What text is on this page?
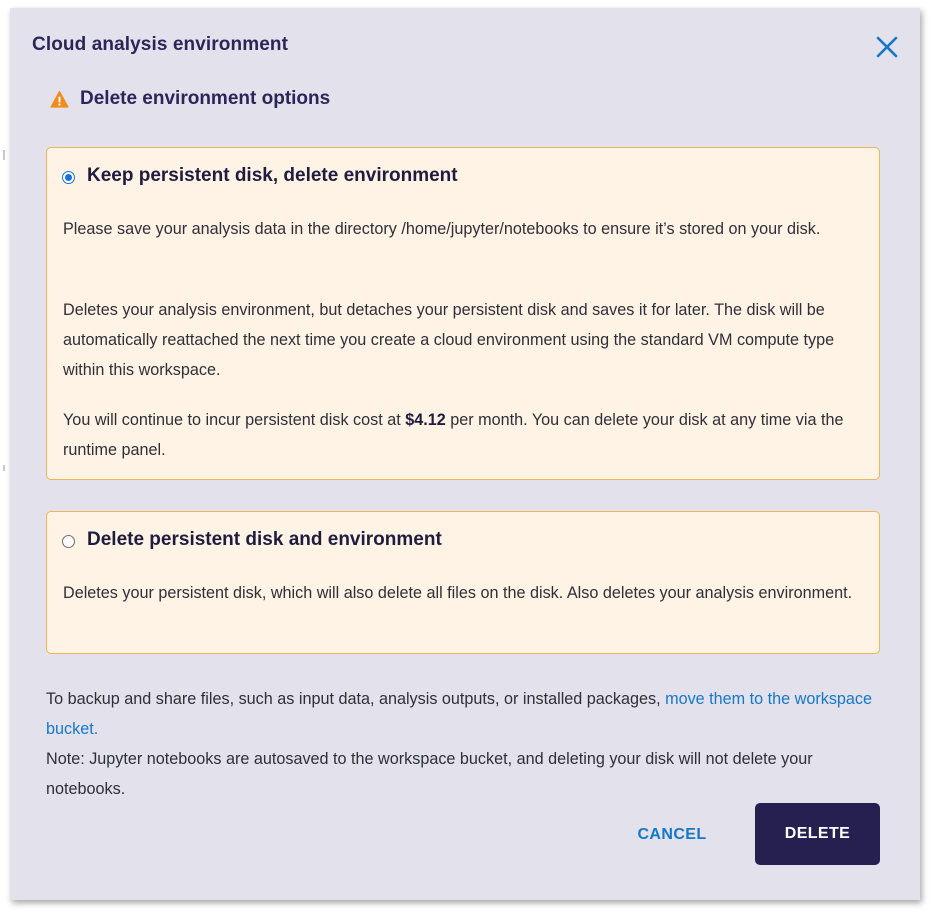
Cloud analysis environment
Delete environment options
Keep persistent disk, delete environment
Please save your analysis data in the directory /home/jupyter/notebooks to ensure it’s stored on your disk.
Deletes your analysis environment, but detaches your persistent disk and saves it for later. The disk will be automatically reattached the next time you create a cloud environment using the standard VM compute type within this workspace.
You will continue to incur persistent disk cost at $4.12 per month. You can delete your disk at any time via the runtime panel.
Delete persistent disk and environment
Deletes your persistent disk, which will also delete all files on the disk. Also deletes your analysis environment.
To backup and share files, such as input data, analysis outputs, or installed packages, move them to the workspace bucket.
Note: Jupyter notebooks are autosaved to the workspace bucket, and deleting your disk will not delete your notebooks.
CANCEL	DELETE
